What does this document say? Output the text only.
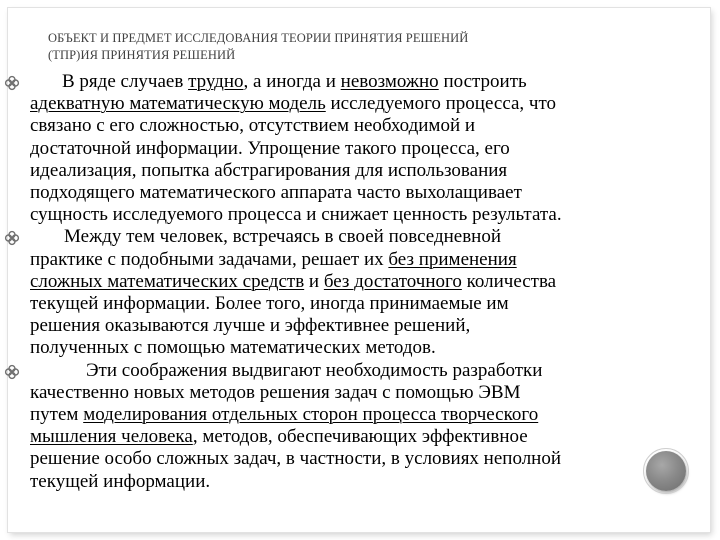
ОБЪЕКТ И ПРЕДМЕТ ИССЛЕДОВАНИЯ ТЕОРИИ ПРИНЯТИЯ РЕШЕНИЙ
(ТПР)ИЯ ПРИНЯТИЯ РЕШЕНИЙ
В ряде случаев трудно, а иногда и невозможно построить
адекватную математическую модель исследуемого процесса, что
связано с его сложностью, отсутствием необходимой и
достаточной информации. Упрощение такого процесса, его
идеализация, попытка абстрагирования для использования
подходящего математического аппарата часто выхолащивает
сущность исследуемого процесса и снижает ценность результата.
Между тем человек, встречаясь в своей повседневной
практике с подобными задачами, решает их без применения
сложных математических средств и без достаточного количества
текущей информации. Более того, иногда принимаемые им
решения оказываются лучше и эффективнее решений,
полученных с помощью математических методов.
Эти соображения выдвигают необходимость разработки
качественно новых методов решения задач с помощью ЭВМ
путем моделирования отдельных сторон процесса творческого
мышления человека, методов, обеспечивающих эффективное
решение особо сложных задач, в частности, в условиях неполной
текущей информации.
